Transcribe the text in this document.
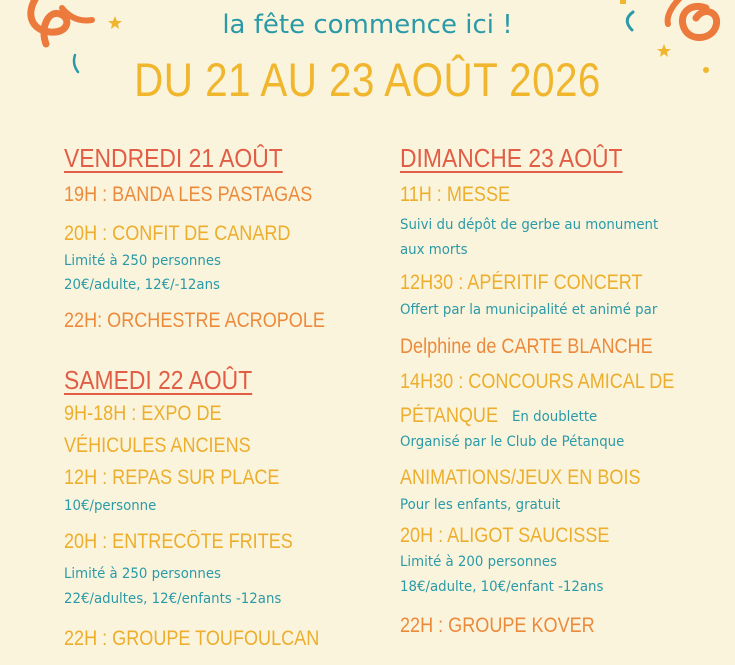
la fête commence ici !
DU 21 AU 23 AOÛT 2026
VENDREDI 21 AOÛT
19H : BANDA LES PASTAGAS
20H : CONFIT DE CANARD
Limité à 250 personnes
20€/adulte, 12€/-12ans
22H: ORCHESTRE ACROPOLE
SAMEDI 22 AOÛT
9H-18H : EXPO DE
VÉHICULES ANCIENS
12H : REPAS SUR PLACE
10€/personne
20H : ENTRECÔTE FRITES
Limité à 250 personnes
22€/adultes, 12€/enfants -12ans
22H : GROUPE TOUFOULCAN
DIMANCHE 23 AOÛT
11H : MESSE
Suivi du dépôt de gerbe au monument
aux morts
12H30 : APÉRITIF CONCERT
Offert par la municipalité et animé par
Delphine de CARTE BLANCHE
14H30 : CONCOURS AMICAL DE
PÉTANQUE En doublette
Organisé par le Club de Pétanque
ANIMATIONS/JEUX EN BOIS
Pour les enfants, gratuit
20H : ALIGOT SAUCISSE
Limité à 200 personnes
18€/adulte, 10€/enfant -12ans
22H : GROUPE KOVER
